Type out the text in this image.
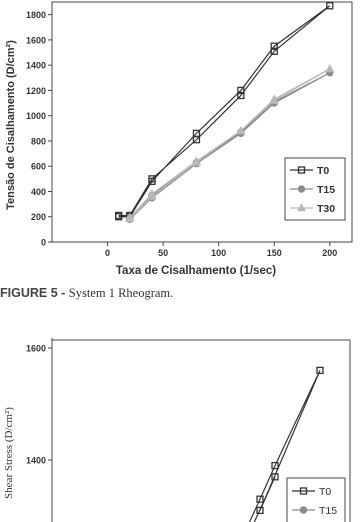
0
200
400
600
800
1000
1200
1400
1600
1800
0	50	100	150	200
T0
T15
T30
Taxa de Cisalhamento (1/sec)
Tensão de Cisalhamento (D/cm²)
FIGURE 5 - System 1 Rheogram.
1400
1600
T0
T15
Shear Stress (D/cm²)
